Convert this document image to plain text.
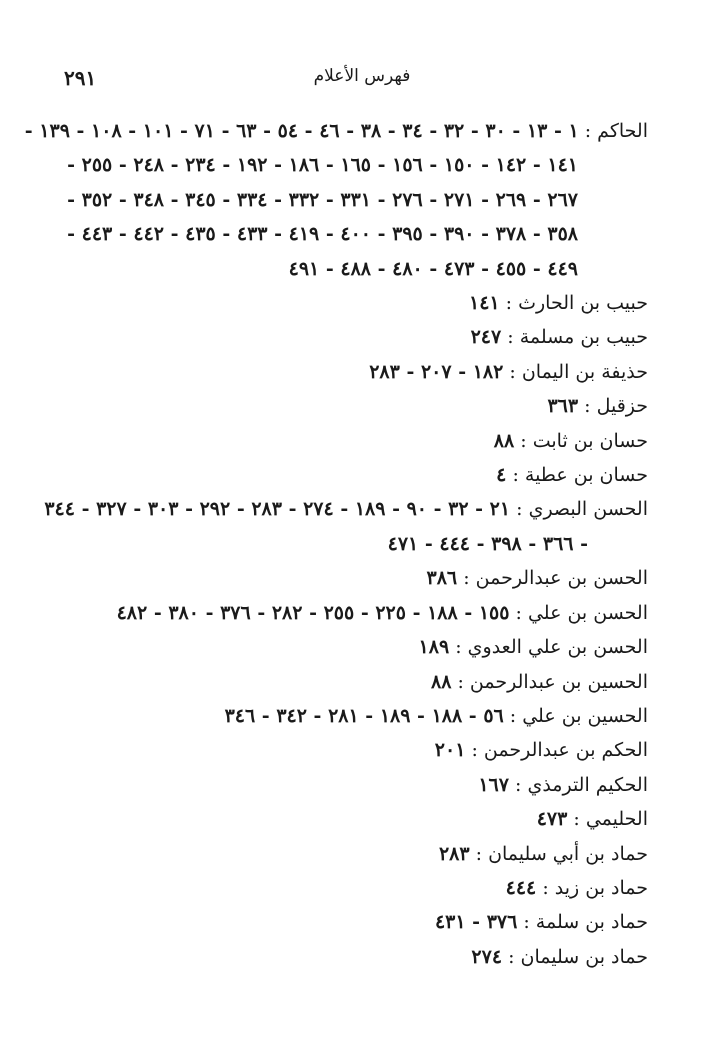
فهرس الأعلام
٢٩١
الحاكم : ١ - ١٣ - ٣٠ - ٣٢ - ٣٤ - ٣٨ - ٤٦ - ٥٤ - ٦٣ - ٧١ - ١٠١ - ١٠٨ - ١٣٩ -
١٤١ - ١٤٢ - ١٥٠ - ١٥٦ - ١٦٥ - ١٨٦ - ١٩٢ - ٢٣٤ - ٢٤٨ - ٢٥٥ -
٢٦٧ - ٢٦٩ - ٢٧١ - ٢٧٦ - ٣٣١ - ٣٣٢ - ٣٣٤ - ٣٤٥ - ٣٤٨ - ٣٥٢ -
٣٥٨ - ٣٧٨ - ٣٩٠ - ٣٩٥ - ٤٠٠ - ٤١٩ - ٤٣٣ - ٤٣٥ - ٤٤٢ - ٤٤٣ -
٤٤٩ - ٤٥٥ - ٤٧٣ - ٤٨٠ - ٤٨٨ - ٤٩١
حبيب بن الحارث : ١٤١
حبيب بن مسلمة : ٢٤٧
حذيفة بن اليمان : ١٨٢ - ٢٠٧ - ٢٨٣
حزقيل : ٣٦٣
حسان بن ثابت : ٨٨
حسان بن عطية : ٤
الحسن البصري : ٢١ - ٣٢ - ٩٠ - ١٨٩ - ٢٧٤ - ٢٨٣ - ٢٩٢ - ٣٠٣ - ٣٢٧ - ٣٤٤
- ٣٦٦ - ٣٩٨ - ٤٤٤ - ٤٧١
الحسن بن عبدالرحمن : ٣٨٦
الحسن بن علي : ١٥٥ - ١٨٨ - ٢٢٥ - ٢٥٥ - ٢٨٢ - ٣٧٦ - ٣٨٠ - ٤٨٢
الحسن بن علي العدوي : ١٨٩
الحسين بن عبدالرحمن : ٨٨
الحسين بن علي : ٥٦ - ١٨٨ - ١٨٩ - ٢٨١ - ٣٤٢ - ٣٤٦
الحكم بن عبدالرحمن : ٢٠١
الحكيم الترمذي : ١٦٧
الحليمي : ٤٧٣
حماد بن أبي سليمان : ٢٨٣
حماد بن زيد : ٤٤٤
حماد بن سلمة : ٣٧٦ - ٤٣١
حماد بن سليمان : ٢٧٤
